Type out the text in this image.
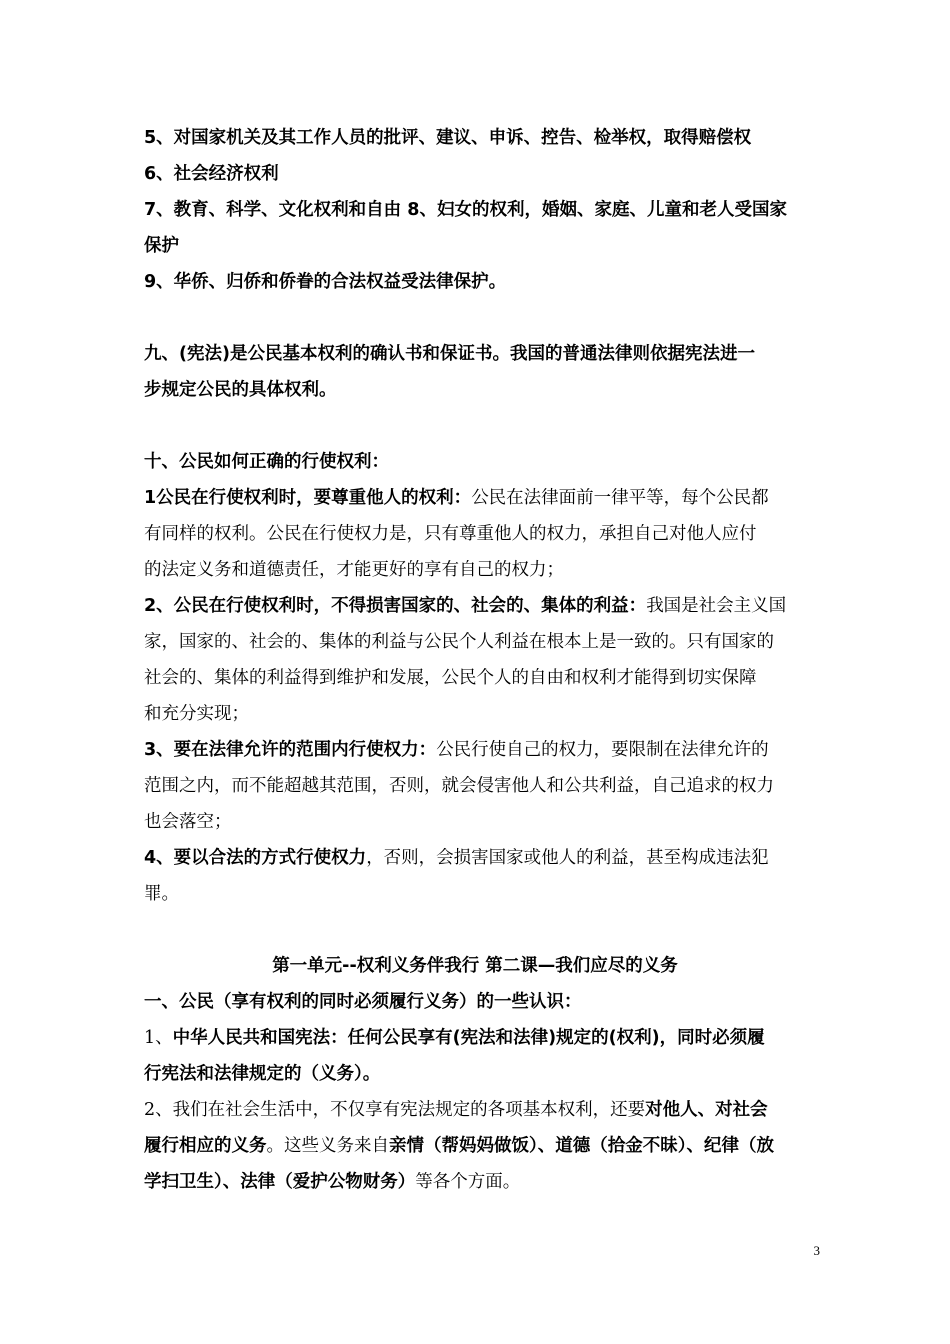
5、对国家机关及其工作人员的批评、建议、申诉、控告、检举权，取得赔偿权
6、社会经济权利
7、教育、科学、文化权利和自由 8、妇女的权利，婚姻、家庭、儿童和老人受国家
保护
9、华侨、归侨和侨眷的合法权益受法律保护。
九、(宪法)是公民基本权利的确认书和保证书。我国的普通法律则依据宪法进一
步规定公民的具体权利。
十、公民如何正确的行使权利：
1公民在行使权利时，要尊重他人的权利：公民在法律面前一律平等，每个公民都
有同样的权利。公民在行使权力是，只有尊重他人的权力，承担自己对他人应付
的法定义务和道德责任，才能更好的享有自己的权力；
2、公民在行使权利时，不得损害国家的、社会的、集体的利益：我国是社会主义国
家，国家的、社会的、集体的利益与公民个人利益在根本上是一致的。只有国家的
社会的、集体的利益得到维护和发展，公民个人的自由和权利才能得到切实保障
和充分实现；
3、要在法律允许的范围内行使权力：公民行使自己的权力，要限制在法律允许的
范围之内，而不能超越其范围，否则，就会侵害他人和公共利益，自己追求的权力
也会落空；
4、要以合法的方式行使权力，否则，会损害国家或他人的利益，甚至构成违法犯
罪。
第一单元--权利义务伴我行 第二课—我们应尽的义务
一、公民（享有权利的同时必须履行义务）的一些认识：
1、中华人民共和国宪法：任何公民享有(宪法和法律)规定的(权利)，同时必须履
行宪法和法律规定的（义务）。
2、我们在社会生活中，不仅享有宪法规定的各项基本权利，还要对他人、对社会
履行相应的义务。这些义务来自亲情（帮妈妈做饭）、道德（拾金不昧）、纪律（放
学扫卫生）、法律（爱护公物财务）等各个方面。
3
